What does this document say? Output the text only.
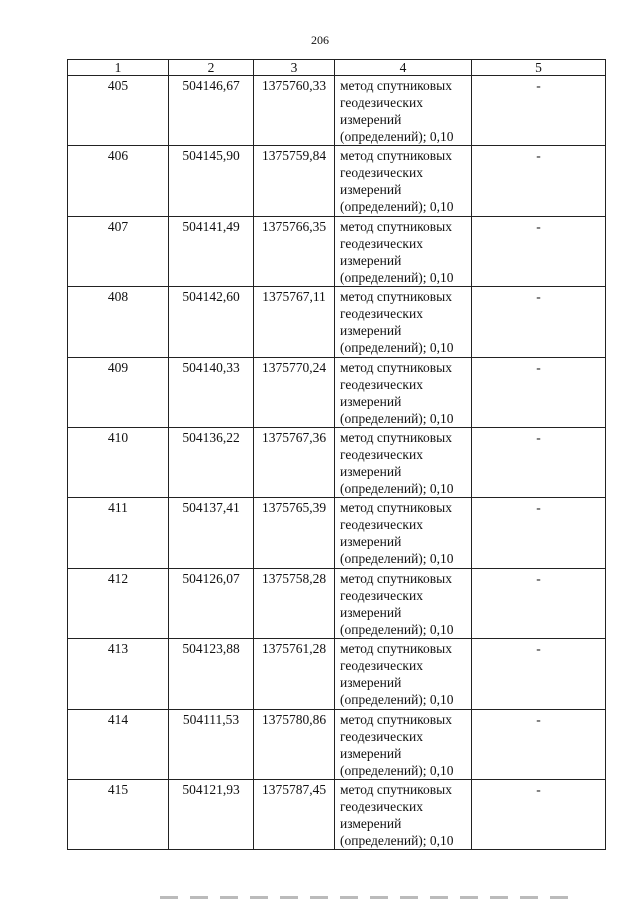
206
1	2	3	4	5
405	504146,67	1375760,33	метод спутниковых геодезических измерений (определений); 0,10	-
406	504145,90	1375759,84	метод спутниковых геодезических измерений (определений); 0,10	-
407	504141,49	1375766,35	метод спутниковых геодезических измерений (определений); 0,10	-
408	504142,60	1375767,11	метод спутниковых геодезических измерений (определений); 0,10	-
409	504140,33	1375770,24	метод спутниковых геодезических измерений (определений); 0,10	-
410	504136,22	1375767,36	метод спутниковых геодезических измерений (определений); 0,10	-
411	504137,41	1375765,39	метод спутниковых геодезических измерений (определений); 0,10	-
412	504126,07	1375758,28	метод спутниковых геодезических измерений (определений); 0,10	-
413	504123,88	1375761,28	метод спутниковых геодезических измерений (определений); 0,10	-
414	504111,53	1375780,86	метод спутниковых геодезических измерений (определений); 0,10	-
415	504121,93	1375787,45	метод спутниковых геодезических измерений (определений); 0,10	-
